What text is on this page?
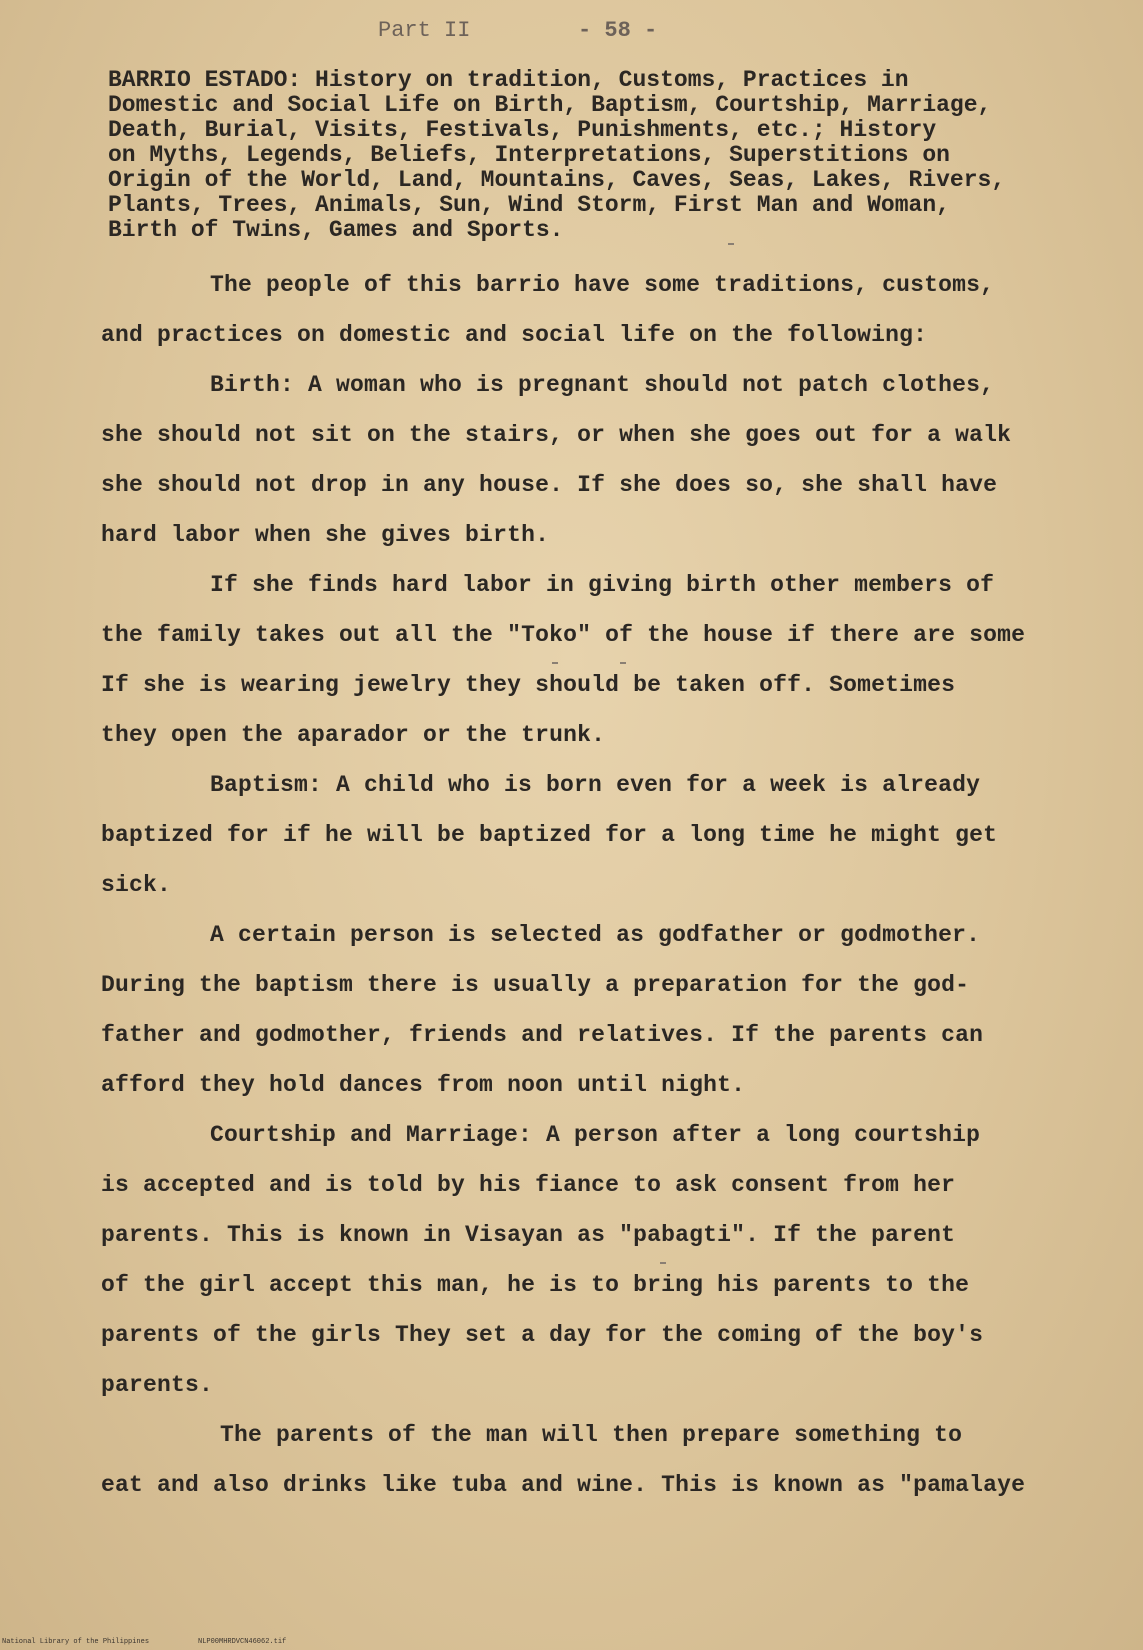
Part II	- 58 -
BARRIO ESTADO: History on tradition, Customs, Practices in
Domestic and Social Life on Birth, Baptism, Courtship, Marriage,
Death, Burial, Visits, Festivals, Punishments, etc.; History
on Myths, Legends, Beliefs, Interpretations, Superstitions on
Origin of the World, Land, Mountains, Caves, Seas, Lakes, Rivers,
Plants, Trees, Animals, Sun, Wind Storm, First Man and Woman,
Birth of Twins, Games and Sports.
The people of this barrio have some traditions, customs,
and practices on domestic and social life on the following:
Birth: A woman who is pregnant should not patch clothes,
she should not sit on the stairs, or when she goes out for a walk
she should not drop in any house. If she does so, she shall have
hard labor when she gives birth.
If she finds hard labor in giving birth other members of
the family takes out all the "Toko" of the house if there are some
If she is wearing jewelry they should be taken off. Sometimes
they open the aparador or the trunk.
Baptism: A child who is born even for a week is already
baptized for if he will be baptized for a long time he might get
sick.
A certain person is selected as godfather or godmother.
During the baptism there is usually a preparation for the god-
father and godmother, friends and relatives. If the parents can
afford they hold dances from noon until night.
Courtship and Marriage: A person after a long courtship
is accepted and is told by his fiance to ask consent from her
parents. This is known in Visayan as "pabagti". If the parent
of the girl accept this man, he is to bring his parents to the
parents of the girls They set a day for the coming of the boy's
parents.
The parents of the man will then prepare something to
eat and also drinks like tuba and wine. This is known as "pamalaye
National Library of the Philippines	NLP00MHRDVCN46062.tif
